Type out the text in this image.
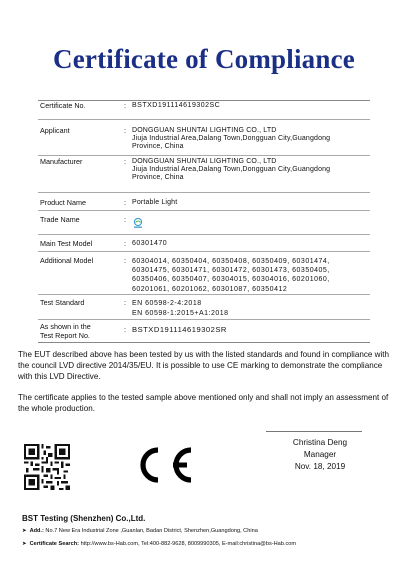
Certificate of Compliance
Certificate No.	: BSTXD191114619302SC
Applicant	: DONGGUAN SHUNTAI LIGHTING CO., LTD
Jiuja Industrial Area,Dalang Town,Dongguan City,Guangdong
Province, China
Manufacturer	: DONGGUAN SHUNTAI LIGHTING CO., LTD
Jiuja Industrial Area,Dalang Town,Dongguan City,Guangdong
Province, China
Product Name	: Portable Light
Trade Name	:
Main Test Model	: 60301470
Additional Model	: 60304014, 60350404, 60350408, 60350409, 60301474,
60301475, 60301471, 60301472, 60301473, 60350405,
60350406, 60350407, 60304015, 60304016, 60201060,
60201061, 60201062, 60301087, 60350412
Test Standard	: EN 60598-2-4:2018
EN 60598-1:2015+A1:2018
As shown in the
Test Report No.
: BSTXD191114619302SR
The EUT described above has been tested by us with the listed standards and found in compliance with the council LVD directive 2014/35/EU. It is possible to use CE marking to demonstrate the compliance with this LVD Directive.
The certificate applies to the tested sample above mentioned only and shall not imply an assessment of the whole production.
Christina Deng
Manager
Nov. 18, 2019
BST Testing (Shenzhen) Co.,Ltd.
➤ Add.: No.7 New Era Industrial Zone ,Guanlan, Badan District, Shenzhen,Guangdong, China
➤ Certificate Search: http://www.bs-Hab.com, Tel:400-882-9628, 8009990305, E-mail:christina@bs-Hab.com
